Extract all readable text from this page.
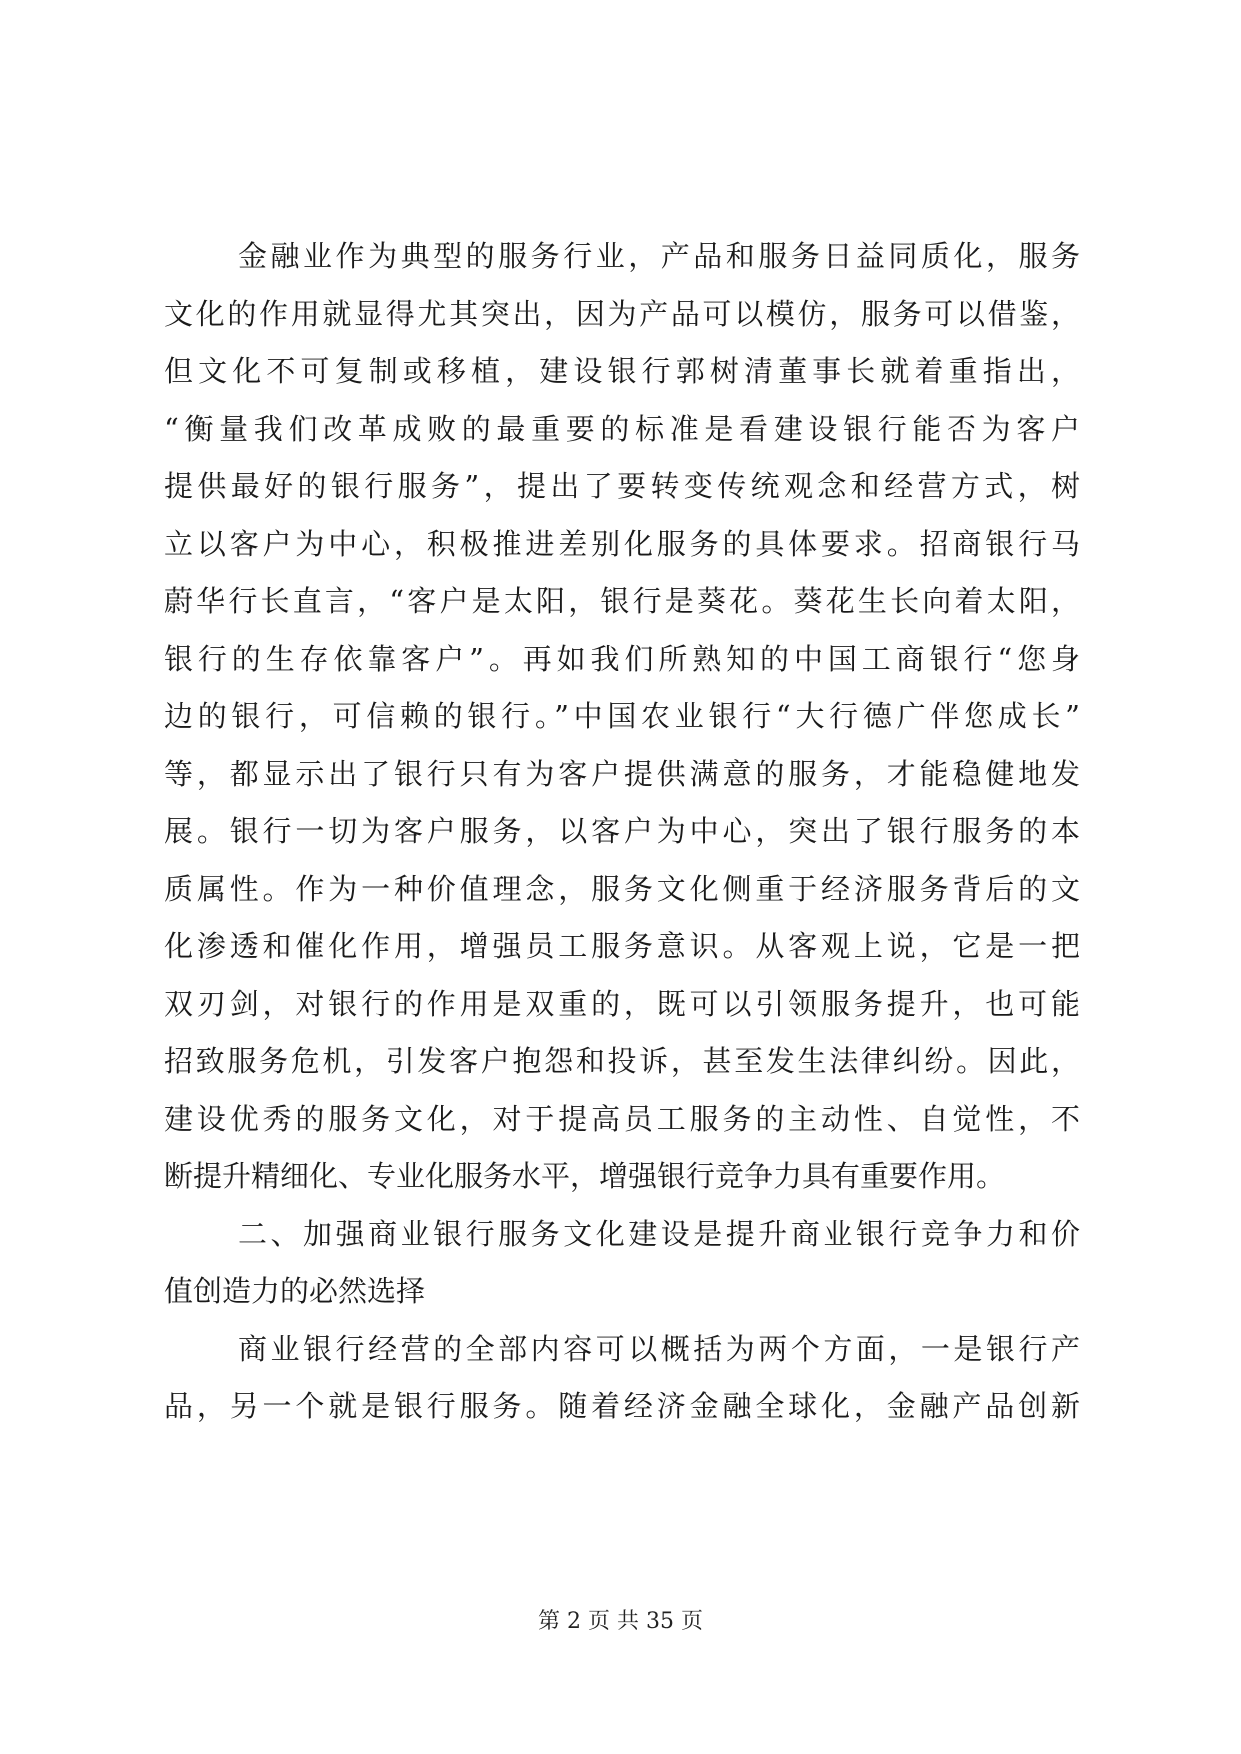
金融业作为典型的服务行业，产品和服务日益同质化，服务
文化的作用就显得尤其突出，因为产品可以模仿，服务可以借鉴，
但文化不可复制或移植，建设银行郭树清董事长就着重指出，
“衡量我们改革成败的最重要的标准是看建设银行能否为客户
提供最好的银行服务”，提出了要转变传统观念和经营方式，树
立以客户为中心，积极推进差别化服务的具体要求。招商银行马
蔚华行长直言，“客户是太阳，银行是葵花。葵花生长向着太阳，
银行的生存依靠客户”。再如我们所熟知的中国工商银行“您身
边的银行，可信赖的银行。”中国农业银行“大行德广伴您成长”
等，都显示出了银行只有为客户提供满意的服务，才能稳健地发
展。银行一切为客户服务，以客户为中心，突出了银行服务的本
质属性。作为一种价值理念，服务文化侧重于经济服务背后的文
化渗透和催化作用，增强员工服务意识。从客观上说，它是一把
双刃剑，对银行的作用是双重的，既可以引领服务提升，也可能
招致服务危机，引发客户抱怨和投诉，甚至发生法律纠纷。因此，
建设优秀的服务文化，对于提高员工服务的主动性、自觉性，不
断提升精细化、专业化服务水平，增强银行竞争力具有重要作用。
二、加强商业银行服务文化建设是提升商业银行竞争力和价
值创造力的必然选择
商业银行经营的全部内容可以概括为两个方面，一是银行产
品，另一个就是银行服务。随着经济金融全球化，金融产品创新
第 2 页 共 35 页
